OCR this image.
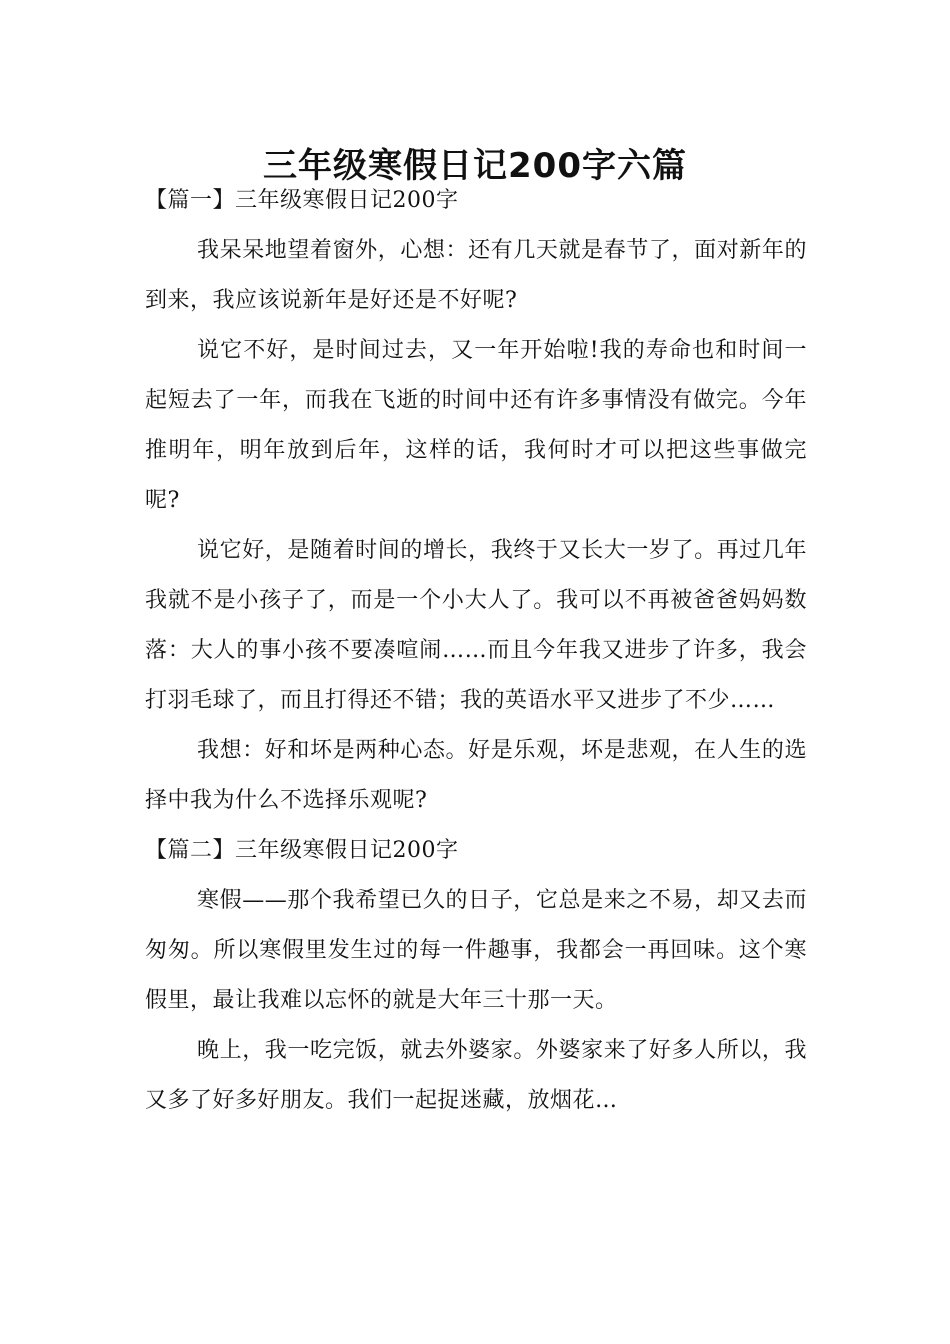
三年级寒假日记200字六篇

【篇一】三年级寒假日记200字

我呆呆地望着窗外，心想：还有几天就是春节了，面对新年的到来，我应该说新年是好还是不好呢?

说它不好，是时间过去，又一年开始啦!我的寿命也和时间一起短去了一年，而我在飞逝的时间中还有许多事情没有做完。今年推明年，明年放到后年，这样的话，我何时才可以把这些事做完呢?

说它好，是随着时间的增长，我终于又长大一岁了。再过几年我就不是小孩子了，而是一个小大人了。我可以不再被爸爸妈妈数落：大人的事小孩不要凑喧闹……而且今年我又进步了许多，我会打羽毛球了，而且打得还不错；我的英语水平又进步了不少……

我想：好和坏是两种心态。好是乐观，坏是悲观，在人生的选择中我为什么不选择乐观呢?

【篇二】三年级寒假日记200字

寒假——那个我希望已久的日子，它总是来之不易，却又去而匆匆。所以寒假里发生过的每一件趣事，我都会一再回味。这个寒假里，最让我难以忘怀的就是大年三十那一天。

晚上，我一吃完饭，就去外婆家。外婆家来了好多人所以，我又多了好多好朋友。我们一起捉迷藏，放烟花…
